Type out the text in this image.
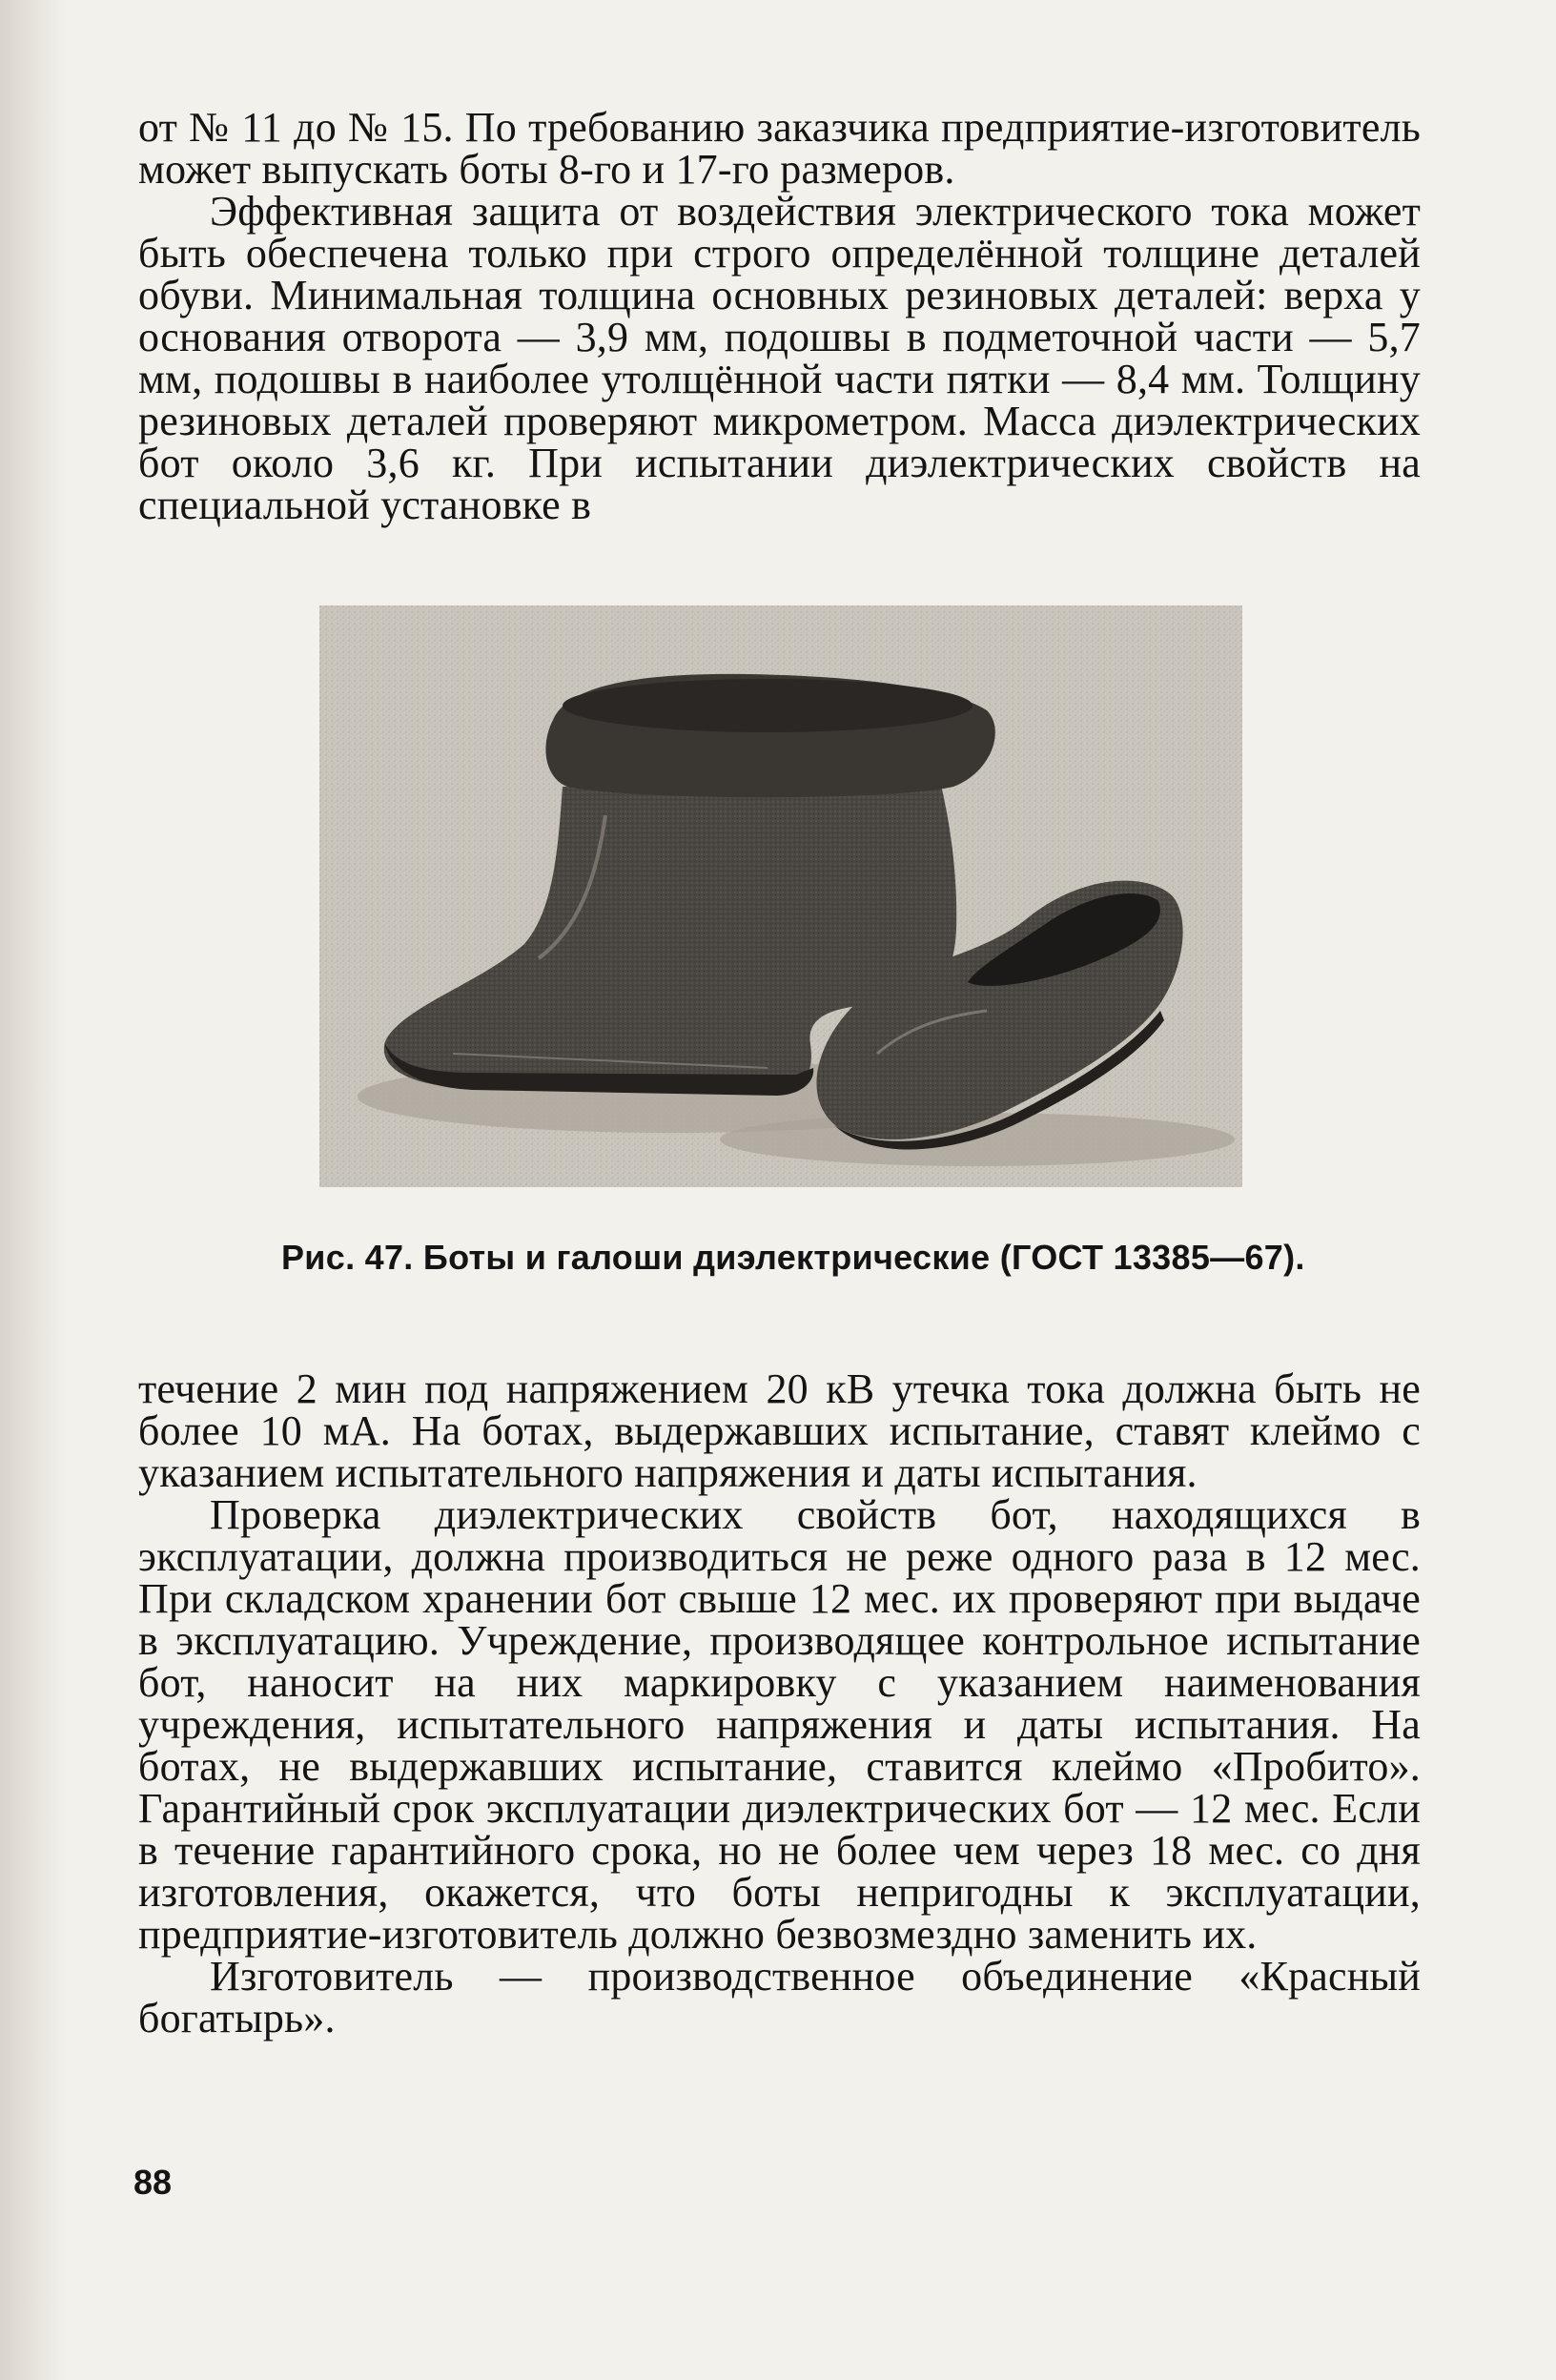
от № 11 до № 15. По требованию заказчика предприятие-изготовитель может выпускать боты 8-го и 17-го размеров.

Эффективная защита от воздействия электрического тока может быть обеспечена только при строго определённой толщине деталей обуви. Минимальная толщина основных резиновых деталей: верха у основания отворота — 3,9 мм, подошвы в подметочной части — 5,7 мм, подошвы в наиболее утолщённой части пятки — 8,4 мм. Толщину резиновых деталей проверяют микрометром. Масса диэлектрических бот около 3,6 кг. При испытании диэлектрических свойств на специальной установке в

Рис. 47. Боты и галоши диэлектрические (ГОСТ 13385—67).

течение 2 мин под напряжением 20 кВ утечка тока должна быть не более 10 мА. На ботах, выдержавших испытание, ставят клеймо с указанием испытательного напряжения и даты испытания.

Проверка диэлектрических свойств бот, находящихся в эксплуатации, должна производиться не реже одного раза в 12 мес. При складском хранении бот свыше 12 мес. их проверяют при выдаче в эксплуатацию. Учреждение, производящее контрольное испытание бот, наносит на них маркировку с указанием наименования учреждения, испытательного напряжения и даты испытания. На ботах, не выдержавших испытание, ставится клеймо «Пробито». Гарантийный срок эксплуатации диэлектрических бот — 12 мес. Если в течение гарантийного срока, но не более чем через 18 мес. со дня изготовления, окажется, что боты непригодны к эксплуатации, предприятие-изготовитель должно безвозмездно заменить их.

Изготовитель — производственное объединение «Красный богатырь».

88
